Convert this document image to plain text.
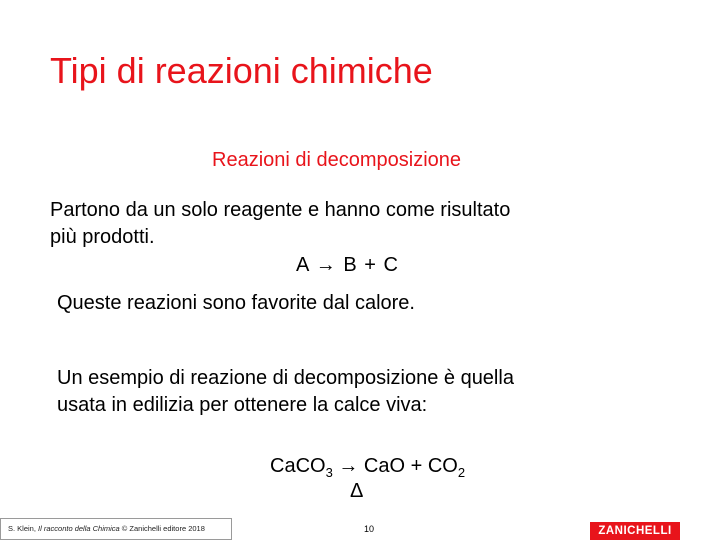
Tipi di reazioni chimiche
Reazioni di decomposizione
Partono da un solo reagente e hanno come risultato
più prodotti.
A → B + C
Queste reazioni sono favorite dal calore.
Un esempio di reazione di decomposizione è quella
usata in edilizia per ottenere la calce viva:
CaCO$_3$ → CaO + $CO_2$
Δ
S. Klein, Il racconto della Chimica © Zanichelli editore 2018	10	ZANICHELLI
